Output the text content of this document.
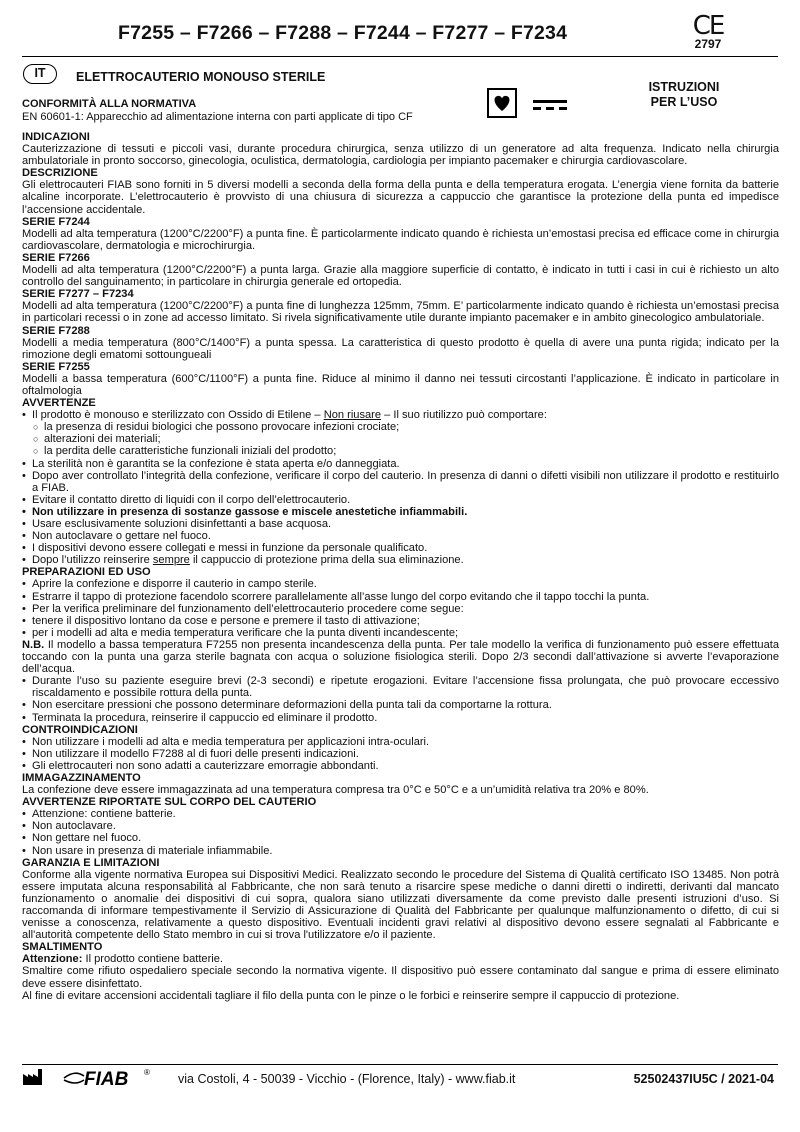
F7255 – F7266 – F7288 – F7244 – F7277 – F7234	CE
2797
IT	ELETTROCAUTERIO MONOUSO STERILE
ISTRUZIONI PER L’USO
CONFORMITÀ ALLA NORMATIVA
EN 60601-1: Apparecchio ad alimentazione interna con parti applicate di tipo CF
INDICAZIONI

Cauterizzazione di tessuti e piccoli vasi, durante procedura chirurgica, senza utilizzo di un generatore ad alta frequenza. Indicato nella chirurgia ambulatoriale in pronto soccorso, ginecologia, oculistica, dermatologia, cardiologia per impianto pacemaker e chirurgia cardiovascolare.

DESCRIZIONE

Gli elettrocauteri FIAB sono forniti in 5 diversi modelli a seconda della forma della punta e della temperatura erogata. L’energia viene fornita da batterie alcaline incorporate. L’elettrocauterio è provvisto di una chiusura di sicurezza a cappuccio che garantisce la protezione della punta ed impedisce l’accensione accidentale.

SERIE F7244

Modelli ad alta temperatura (1200°C/2200°F) a punta fine. È particolarmente indicato quando è richiesta un’emostasi precisa ed efficace come in chirurgia cardiovascolare, dermatologia e microchirurgia.

SERIE F7266

Modelli ad alta temperatura (1200°C/2200°F) a punta larga. Grazie alla maggiore superficie di contatto, è indicato in tutti i casi in cui è richiesto un alto controllo del sanguinamento; in particolare in chirurgia generale ed ortopedia.

SERIE F7277 – F7234

Modelli ad alta temperatura (1200°C/2200°F) a punta fine di lunghezza 125mm, 75mm. E’ particolarmente indicato quando è richiesta un’emostasi precisa in particolari recessi o in zone ad accesso limitato. Si rivela significativamente utile durante impianto pacemaker e in ambito ginecologico ambulatoriale.

SERIE F7288

Modelli a media temperatura (800°C/1400°F) a punta spessa. La caratteristica di questo prodotto è quella di avere una punta rigida; indicato per la rimozione degli ematomi sottoungueali

SERIE F7255

Modelli a bassa temperatura (600°C/1100°F) a punta fine. Riduce al minimo il danno nei tessuti circostanti l’applicazione. È indicato in particolare in oftalmologia

AVVERTENZE
• Il prodotto è monouso e sterilizzato con Ossido di Etilene – Non riusare – Il suo riutilizzo può comportare:
○ la presenza di residui biologici che possono provocare infezioni crociate;
○ alterazioni dei materiali;
○ la perdita delle caratteristiche funzionali iniziali del prodotto;
• La sterilità non è garantita se la confezione è stata aperta e/o danneggiata.
• Dopo aver controllato l’integrità della confezione, verificare il corpo del cauterio. In presenza di danni o difetti visibili non utilizzare il prodotto e restituirlo a FIAB.
• Evitare il contatto diretto di liquidi con il corpo dell’elettrocauterio.
• Non utilizzare in presenza di sostanze gassose e miscele anestetiche infiammabili.
• Usare esclusivamente soluzioni disinfettanti a base acquosa.
• Non autoclavare o gettare nel fuoco.
• I dispositivi devono essere collegati e messi in funzione da personale qualificato.
• Dopo l’utilizzo reinserire sempre il cappuccio di protezione prima della sua eliminazione.
PREPARAZIONI ED USO
• Aprire la confezione e disporre il cauterio in campo sterile.
• Estrarre il tappo di protezione facendolo scorrere parallelamente all’asse lungo del corpo evitando che il tappo tocchi la punta.
• Per la verifica preliminare del funzionamento dell’elettrocauterio procedere come segue:
• tenere il dispositivo lontano da cose e persone e premere il tasto di attivazione;
• per i modelli ad alta e media temperatura verificare che la punta diventi incandescente;

N.B. Il modello a bassa temperatura F7255 non presenta incandescenza della punta. Per tale modello la verifica di funzionamento può essere effettuata toccando con la punta una garza sterile bagnata con acqua o soluzione fisiologica sterili. Dopo 2/3 secondi dall’attivazione si avverte l’evaporazione dell’acqua.

• Durante l’uso su paziente eseguire brevi (2-3 secondi) e ripetute erogazioni. Evitare l’accensione fissa prolungata, che può provocare eccessivo riscaldamento e possibile rottura della punta.
• Non esercitare pressioni che possono determinare deformazioni della punta tali da comportarne la rottura.
• Terminata la procedura, reinserire il cappuccio ed eliminare il prodotto.
CONTROINDICAZIONI
• Non utilizzare i modelli ad alta e media temperatura per applicazioni intra-oculari.
• Non utilizzare il modello F7288 al di fuori delle presenti indicazioni.
• Gli elettrocauteri non sono adatti a cauterizzare emorragie abbondanti.
IMMAGAZZINAMENTO

La confezione deve essere immagazzinata ad una temperatura compresa tra 0°C e 50°C e a un’umidità relativa tra 20% e 80%.

AVVERTENZE RIPORTATE SUL CORPO DEL CAUTERIO
• Attenzione: contiene batterie.
• Non autoclavare.
• Non gettare nel fuoco.
• Non usare in presenza di materiale infiammabile.
GARANZIA E LIMITAZIONI

Conforme alla vigente normativa Europea sui Dispositivi Medici. Realizzato secondo le procedure del Sistema di Qualità certificato ISO 13485. Non potrà essere imputata alcuna responsabilità al Fabbricante, che non sarà tenuto a risarcire spese mediche o danni diretti o indiretti, derivanti dal mancato funzionamento o anomalie dei dispositivi di cui sopra, qualora siano utilizzati diversamente da come previsto dalle presenti istruzioni d’uso. Si raccomanda di informare tempestivamente il Servizio di Assicurazione di Qualità del Fabbricante per qualunque malfunzionamento o difetto, di cui si venisse a conoscenza, relativamente a questo dispositivo. Eventuali incidenti gravi relativi al dispositivo devono essere segnalati al Fabbricante e all'autorità competente dello Stato membro in cui si trova l'utilizzatore e/o il paziente.

SMALTIMENTO

Attenzione: Il prodotto contiene batterie.

Smaltire come rifiuto ospedaliero speciale secondo la normativa vigente. Il dispositivo può essere contaminato dal sangue e prima di essere eliminato deve essere disinfettato.

Al fine di evitare accensioni accidentali tagliare il filo della punta con le pinze o le forbici e reinserire sempre il cappuccio di protezione.

FIAB ® via Costoli, 4 - 50039 - Vicchio - (Florence, Italy) - www.fiab.it	52502437IU5C / 2021-04
